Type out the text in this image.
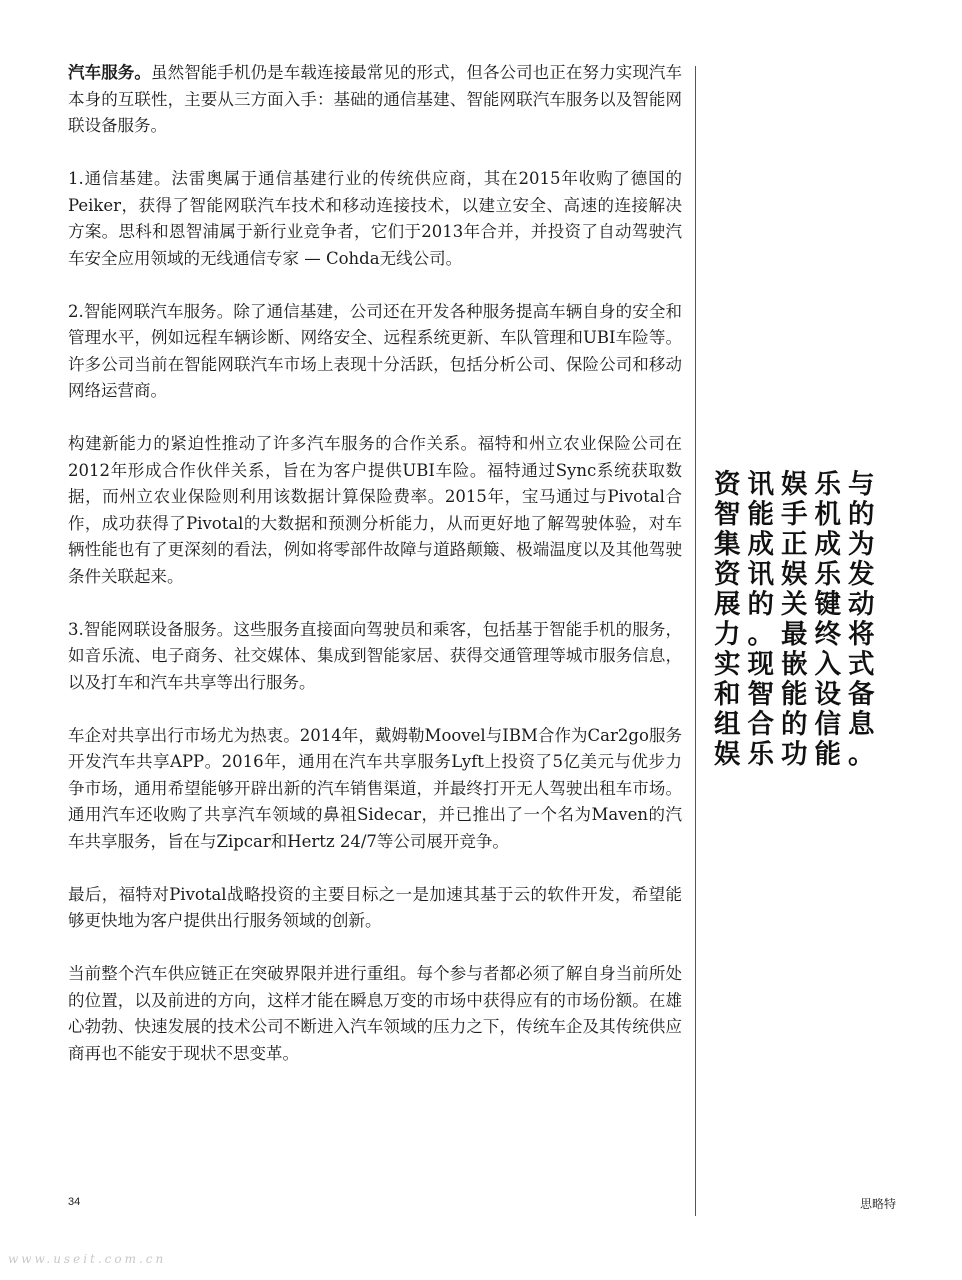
汽车服务。虽然智能手机仍是车载连接最常见的形式，但各公司也正在努力实现汽车本身的互联性，主要从三方面入手：基础的通信基建、智能网联汽车服务以及智能网联设备服务。

1.通信基建。法雷奥属于通信基建行业的传统供应商，其在2015年收购了德国的Peiker，获得了智能网联汽车技术和移动连接技术，以建立安全、高速的连接解决方案。思科和恩智浦属于新行业竞争者，它们于2013年合并，并投资了自动驾驶汽车安全应用领域的无线通信专家 — Cohda无线公司。

2.智能网联汽车服务。除了通信基建，公司还在开发各种服务提高车辆自身的安全和管理水平，例如远程车辆诊断、网络安全、远程系统更新、车队管理和UBI车险等。许多公司当前在智能网联汽车市场上表现十分活跃，包括分析公司、保险公司和移动网络运营商。

构建新能力的紧迫性推动了许多汽车服务的合作关系。福特和州立农业保险公司在2012年形成合作伙伴关系，旨在为客户提供UBI车险。福特通过Sync系统获取数据，而州立农业保险则利用该数据计算保险费率。2015年，宝马通过与Pivotal合作，成功获得了Pivotal的大数据和预测分析能力，从而更好地了解驾驶体验，对车辆性能也有了更深刻的看法，例如将零部件故障与道路颠簸、极端温度以及其他驾驶条件关联起来。

3.智能网联设备服务。这些服务直接面向驾驶员和乘客，包括基于智能手机的服务，如音乐流、电子商务、社交媒体、集成到智能家居、获得交通管理等城市服务信息，以及打车和汽车共享等出行服务。

车企对共享出行市场尤为热衷。2014年，戴姆勒Moovel与IBM合作为Car2go服务开发汽车共享APP。2016年，通用在汽车共享服务Lyft上投资了5亿美元与优步力争市场，通用希望能够开辟出新的汽车销售渠道，并最终打开无人驾驶出租车市场。通用汽车还收购了共享汽车领域的鼻祖Sidecar，并已推出了一个名为Maven的汽车共享服务，旨在与Zipcar和Hertz 24/7等公司展开竞争。

最后，福特对Pivotal战略投资的主要目标之一是加速其基于云的软件开发，希望能够更快地为客户提供出行服务领域的创新。

当前整个汽车供应链正在突破界限并进行重组。每个参与者都必须了解自身当前所处的位置，以及前进的方向，这样才能在瞬息万变的市场中获得应有的市场份额。在雄心勃勃、快速发展的技术公司不断进入汽车领域的压力之下，传统车企及其传统供应商再也不能安于现状不思变革。

资讯娱乐与智能手机的集成正成为资讯娱乐发展的关键动力。最终将实现嵌入式和智能设备组合的信息娱乐功能。
34	思略特
www.useit.com.cn
